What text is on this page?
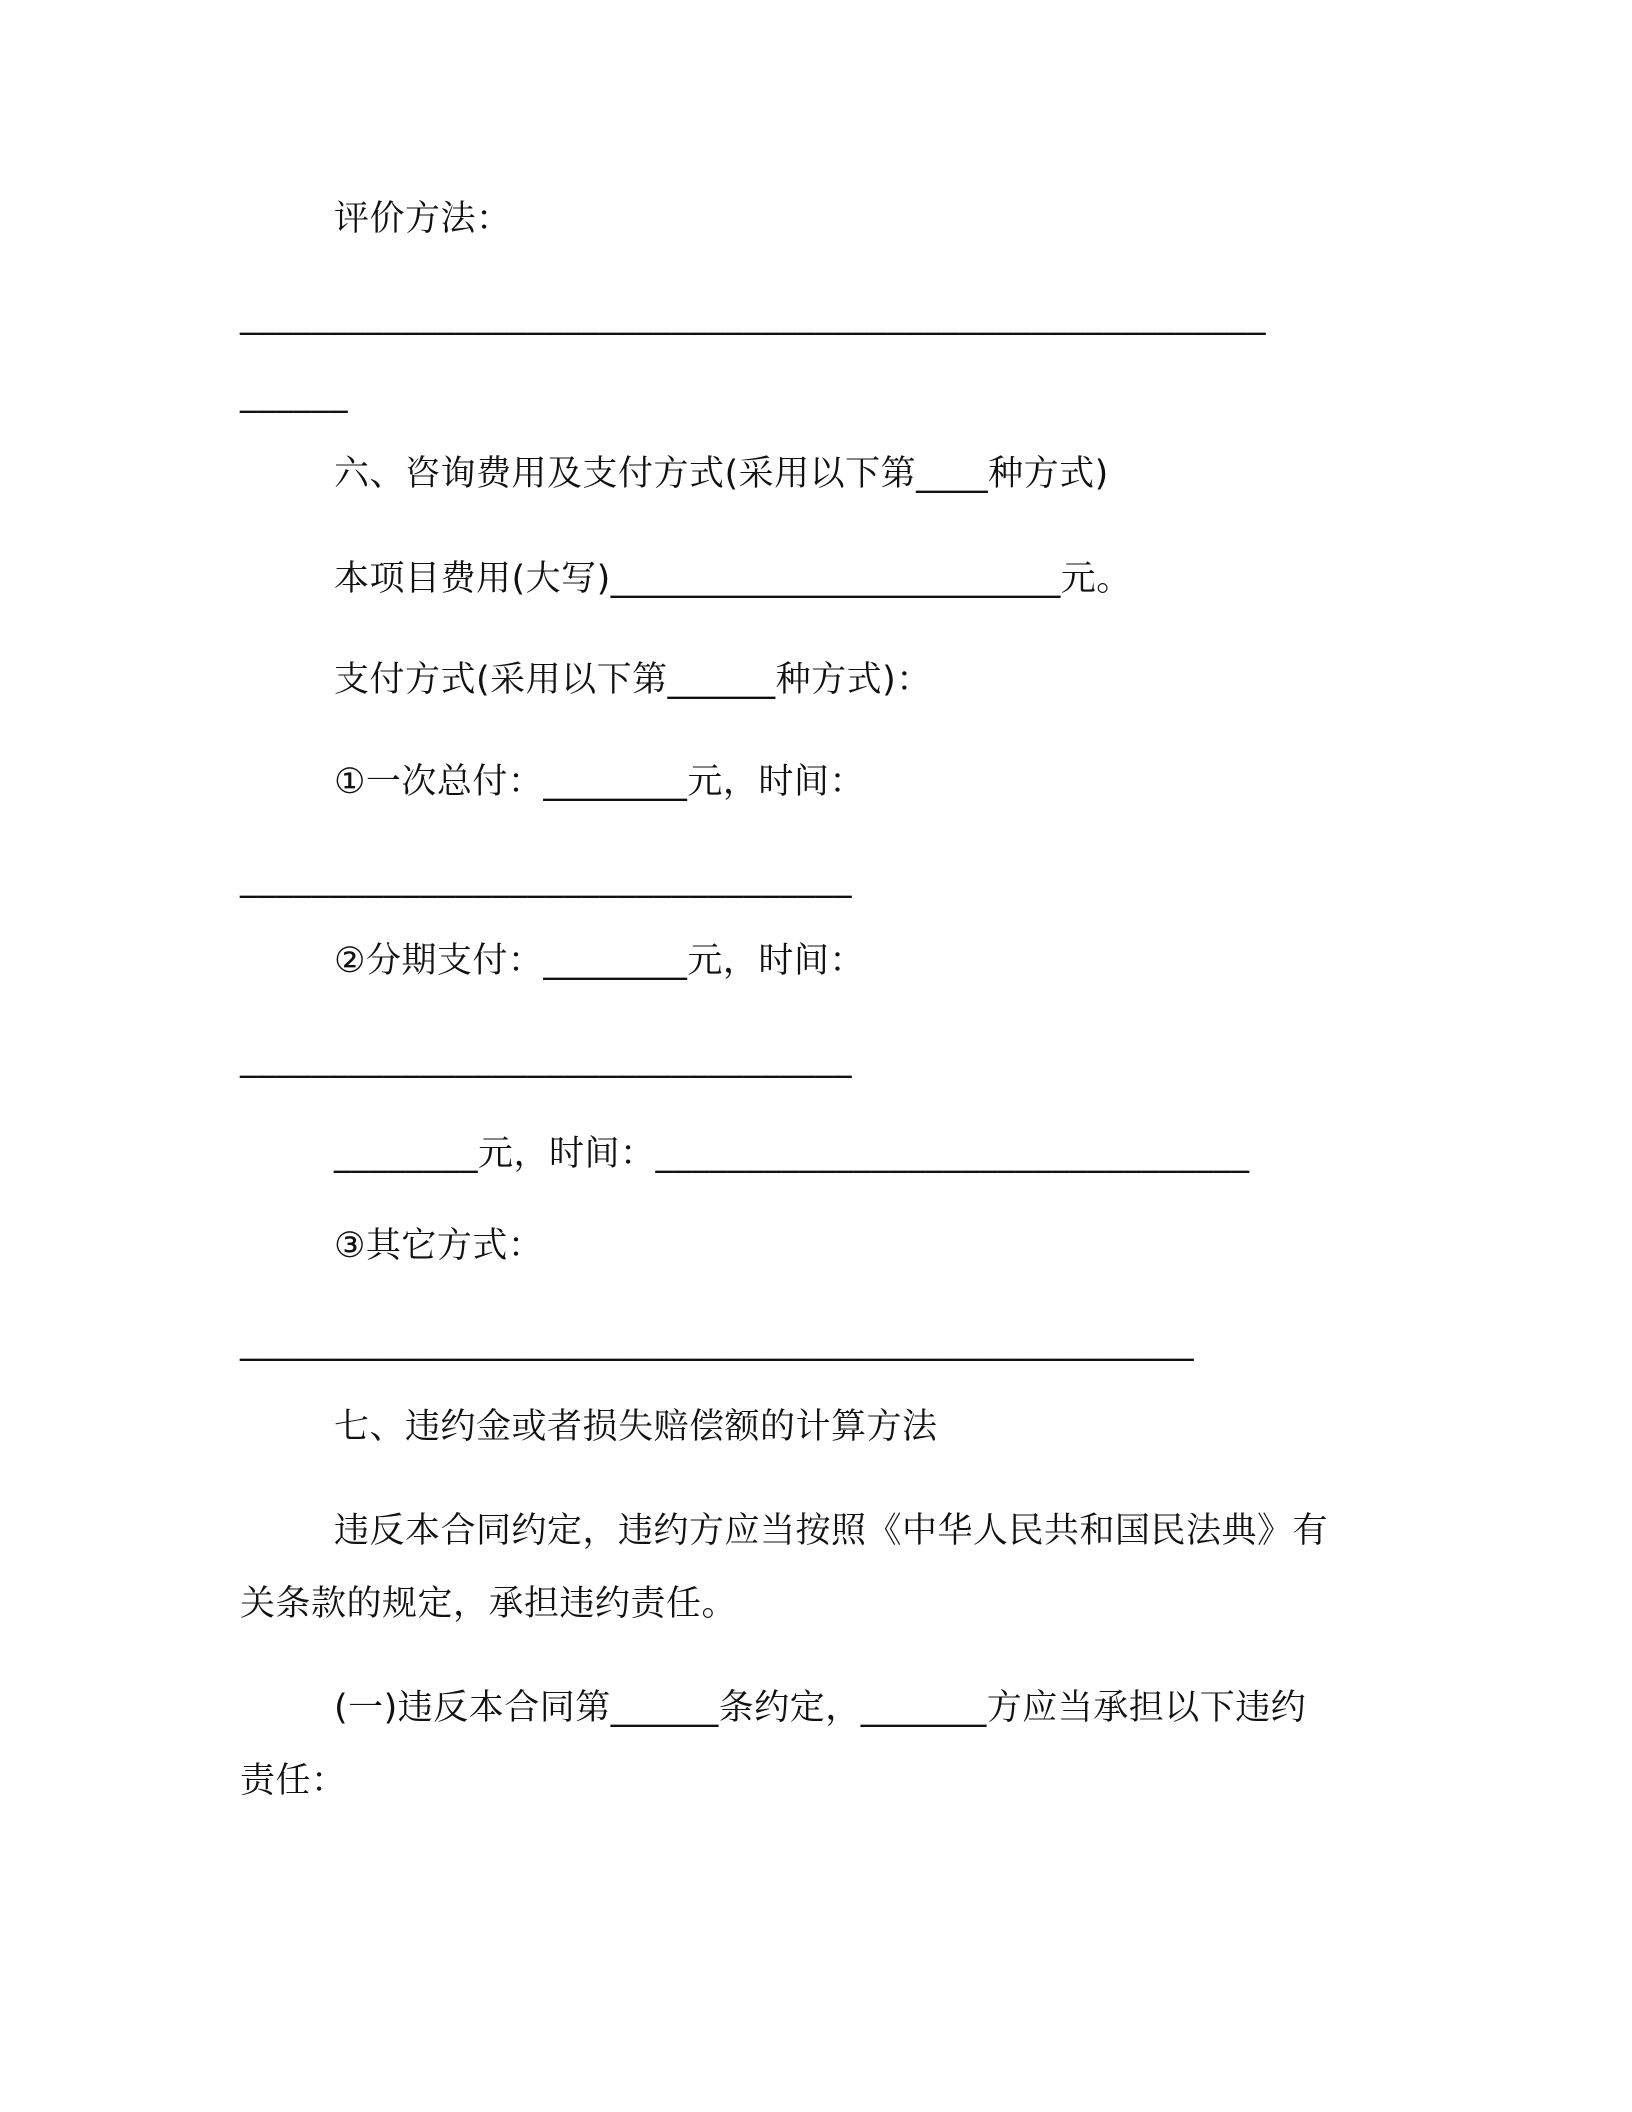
评价方法：
_________________________________________________________
______
六、咨询费用及支付方式(采用以下第____种方式)
本项目费用(大写)_________________________元。
支付方式(采用以下第______种方式)：
①一次总付：________元，时间：
__________________________________
②分期支付：________元，时间：
__________________________________
________元，时间：_________________________________
③其它方式：
_____________________________________________________
七、违约金或者损失赔偿额的计算方法
违反本合同约定，违约方应当按照《中华人民共和国民法典》有
关条款的规定，承担违约责任。
(一)违反本合同第______条约定，_______方应当承担以下违约
责任：
